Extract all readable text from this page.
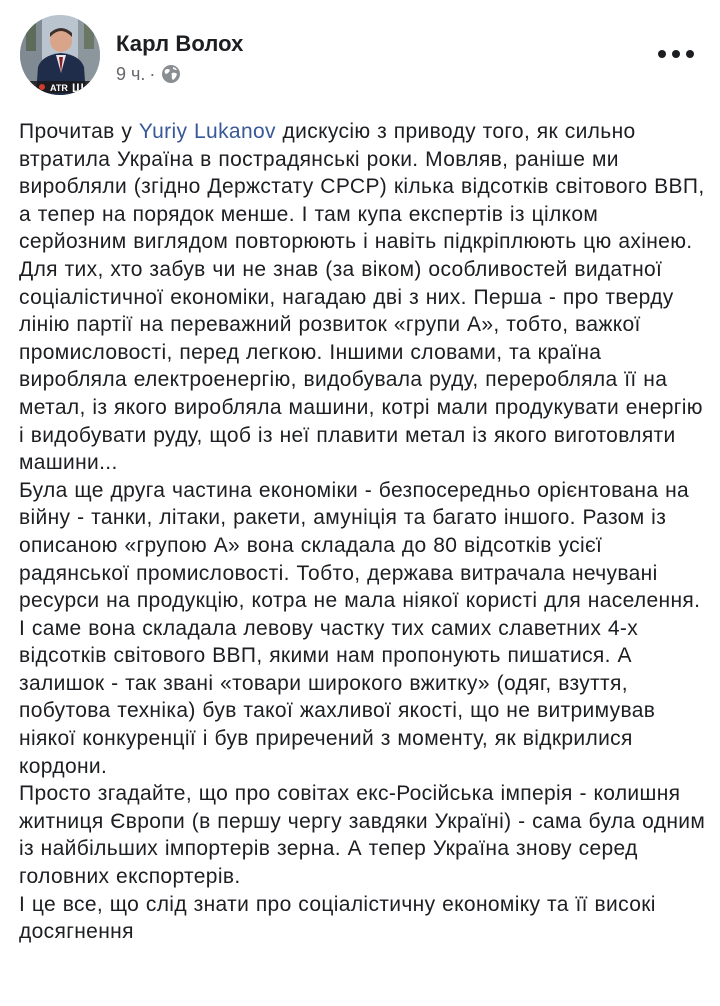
ATR Щ
Карл Волох
9 ч. ·
Прочитав у Yuriy Lukanov дискусію з приводу того, як сильно втратила Україна в пострадянські роки. Мовляв, раніше ми виробляли (згідно Держстату СРСР) кілька відсотків світового ВВП, а тепер на порядок менше. І там купа експертів із цілком серйозним виглядом повторюють і навіть підкріплюють цю ахінею.
Для тих, хто забув чи не знав (за віком) особливостей видатної соціалістичної економіки, нагадаю дві з них. Перша - про тверду лінію партії на переважний розвиток «групи А», тобто, важкої промисловості, перед легкою. Іншими словами, та країна виробляла електроенергію, видобувала руду, переробляла її на метал, із якого виробляла машини, котрі мали продукувати енергію і видобувати руду, щоб із неї плавити метал із якого виготовляти машини...
Була ще друга частина економіки - безпосередньо орієнтована на війну - танки, літаки, ракети, амуніція та багато іншого. Разом із описаною «групою А» вона складала до 80 відсотків усієї радянської промисловості. Тобто, держава витрачала нечувані ресурси на продукцію, котра не мала ніякої користі для населення. І саме вона складала левову частку тих самих славетних 4-х відсотків світового ВВП, якими нам пропонують пишатися. А залишок - так звані «товари широкого вжитку» (одяг, взуття, побутова техніка) був такої жахливої якості, що не витримував ніякої конкуренції і був приречений з моменту, як відкрилися кордони.
Просто згадайте, що про совітах екс-Російська імперія - колишня житниця Європи (в першу чергу завдяки Україні) - сама була одним із найбільших імпортерів зерна. А тепер Україна знову серед головних експортерів.
І це все, що слід знати про соціалістичну економіку та її високі досягнення
